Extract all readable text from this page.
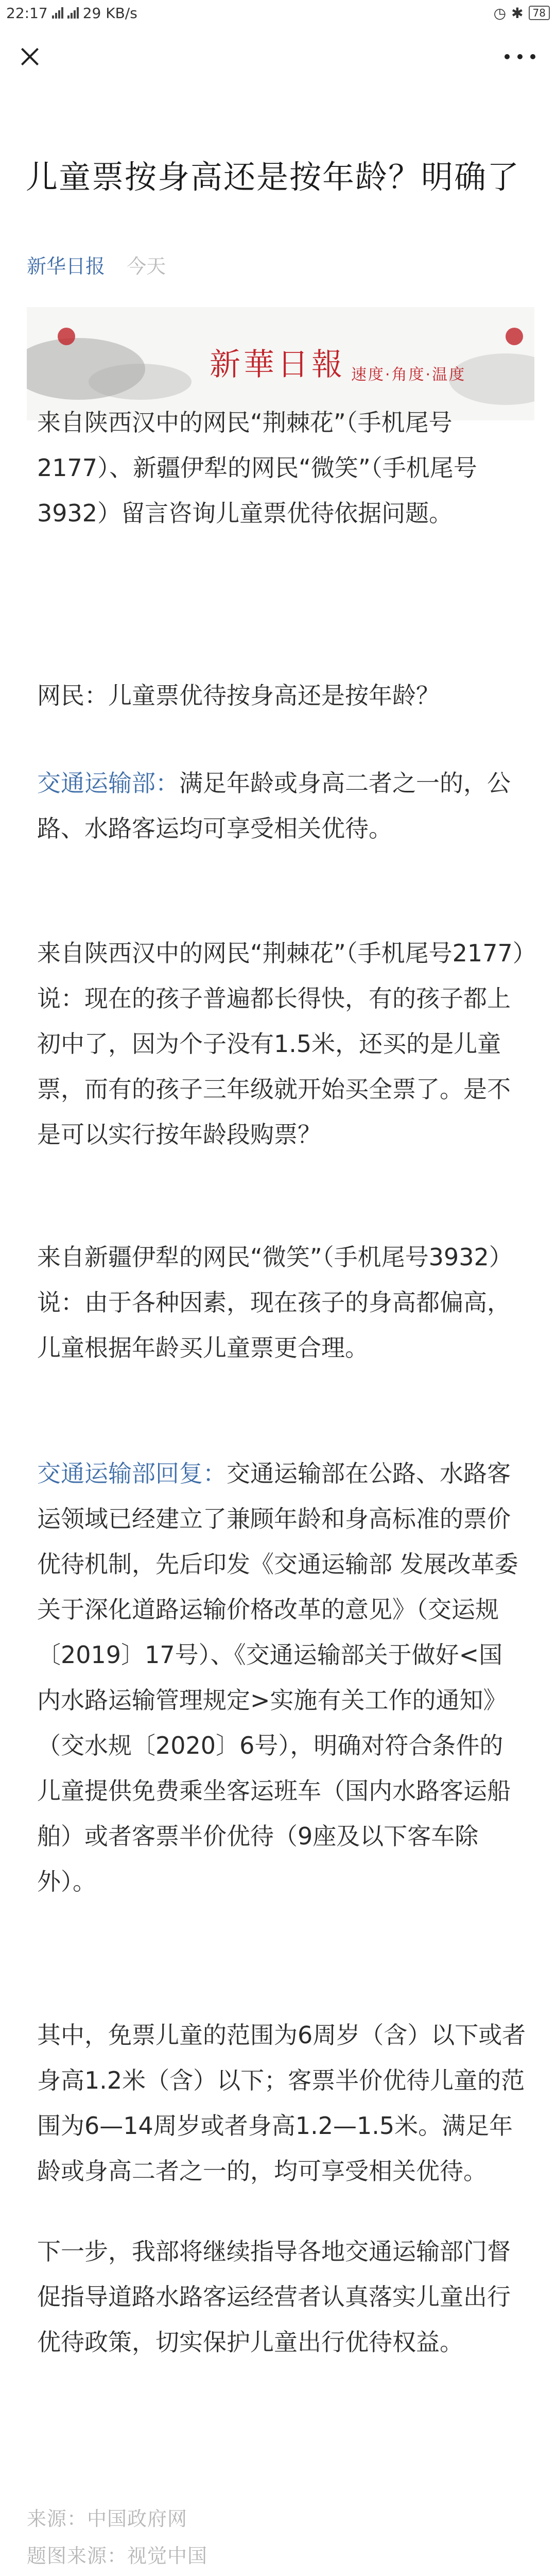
22:17 29 KB/s	◷ ✱ 78
儿童票按身高还是按年龄？明确了
新华日报 今天
新華日報 速度·角度·温度

来自陕西汉中的网民“荆棘花”（手机尾号2177）、新疆伊犁的网民“微笑”（手机尾号3932）留言咨询儿童票优待依据问题。

网民：儿童票优待按身高还是按年龄？

交通运输部：满足年龄或身高二者之一的，公路、水路客运均可享受相关优待。

来自陕西汉中的网民“荆棘花”（手机尾号2177）说：现在的孩子普遍都长得快，有的孩子都上初中了，因为个子没有1.5米，还买的是儿童票，而有的孩子三年级就开始买全票了。是不是可以实行按年龄段购票？

来自新疆伊犁的网民“微笑”（手机尾号3932）说：由于各种因素，现在孩子的身高都偏高，儿童根据年龄买儿童票更合理。

交通运输部回复：交通运输部在公路、水路客运领域已经建立了兼顾年龄和身高标准的票价优待机制，先后印发《交通运输部 发展改革委关于深化道路运输价格改革的意见》（交运规〔2019〕17号）、《交通运输部关于做好<国内水路运输管理规定>实施有关工作的通知》（交水规〔2020〕6号），明确对符合条件的儿童提供免费乘坐客运班车（国内水路客运船舶）或者客票半价优待（9座及以下客车除外）。

其中，免票儿童的范围为6周岁（含）以下或者身高1.2米（含）以下；客票半价优待儿童的范围为6—14周岁或者身高1.2—1.5米。满足年龄或身高二者之一的，均可享受相关优待。

下一步，我部将继续指导各地交通运输部门督促指导道路水路客运经营者认真落实儿童出行优待政策，切实保护儿童出行优待权益。

来源：中国政府网
题图来源：视觉中国
